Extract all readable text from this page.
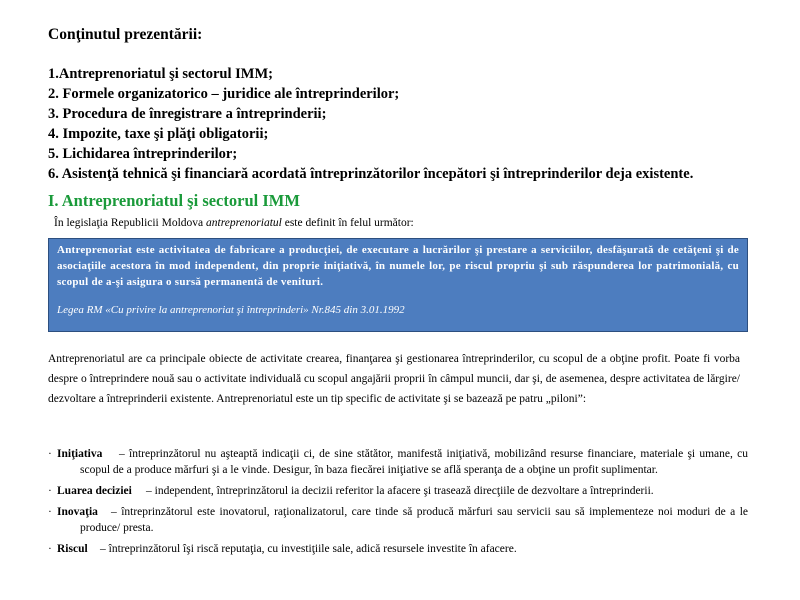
Conţinutul prezentării:
1.Antreprenoriatul şi sectorul IMM;
2. Formele organizatorico – juridice ale întreprinderilor;
3. Procedura de înregistrare a întreprinderii;
4. Impozite, taxe şi plăţi obligatorii;
5. Lichidarea întreprinderilor;
6. Asistenţă tehnică şi financiară acordată întreprinzătorilor începători şi întreprinderilor deja existente.
I. Antreprenoriatul şi sectorul IMM
În legislaţia Republicii Moldova antreprenoriatul este definit în felul următor:
Antreprenoriat este activitatea de fabricare a producţiei, de executare a lucrărilor şi prestare a serviciilor, desfăşurată de cetăţeni şi de asociaţiile acestora în mod independent, din proprie iniţiativă, în numele lor, pe riscul propriu şi sub răspunderea lor patrimonială, cu scopul de a-şi asigura o sursă permanentă de venituri.
Legea RM «Cu privire la antreprenoriat şi întreprinderi» Nr.845 din 3.01.1992
Antreprenoriatul are ca principale obiecte de activitate crearea, finanţarea şi gestionarea întreprinderilor, cu scopul de a obţine profit. Poate fi vorba despre o întreprindere nouă sau o activitate individuală cu scopul angajării proprii în câmpul muncii, dar şi, de asemenea, despre activitatea de lărgire/ dezvoltare a întreprinderii existente. Antreprenoriatul este un tip specific de activitate şi se bazează pe patru „piloni”:
· Iniţiativa	– întreprinzătorul nu aşteaptă indicaţii ci, de sine stătător, manifestă iniţiativă, mobilizând resurse financiare, materiale şi umane, cu scopul de a produce mărfuri şi a le vinde. Desigur, în baza fiecărei iniţiative se află speranţa de a obţine un profit suplimentar.
· Luarea deciziei	– independent, întreprinzătorul ia decizii referitor la afacere şi trasează direcţiile de dezvoltare a întreprinderii.
· Inovaţia	– întreprinzătorul este inovatorul, raţionalizatorul, care tinde să producă mărfuri sau servicii sau să implementeze noi moduri de a le produce/ presta.
· Riscul	– întreprinzătorul îşi riscă reputaţia, cu investiţiile sale, adică resursele investite în afacere.
